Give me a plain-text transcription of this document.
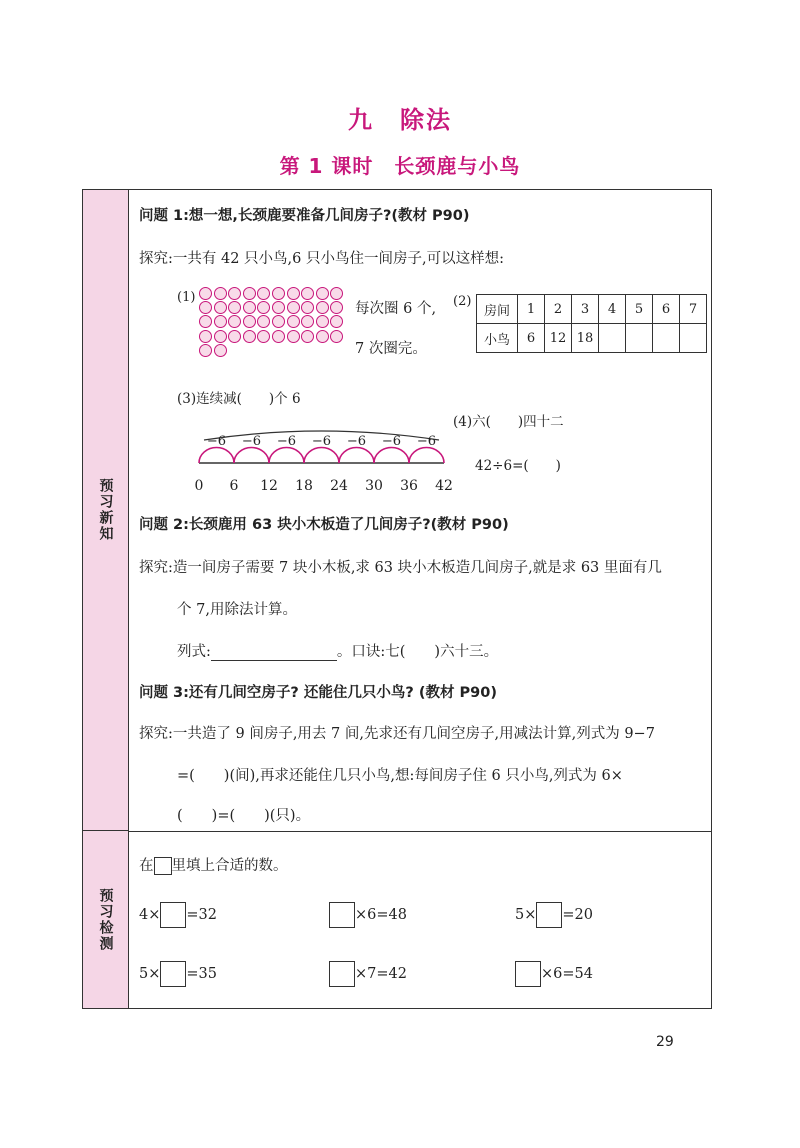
九　除法
第 1 课时　长颈鹿与小鸟
预习新知
预习检测
问题 1:想一想,长颈鹿要准备几间房子?(教材 P90)
探究:一共有 42 只小鸟,6 只小鸟住一间房子,可以这样想:
(1)
每次圈 6 个,
7 次圈完。
(2)
房间	1	2	3	4	5	6	7
小鸟	6	12	18				
(3)连续减(　　)个 6
(4)六(　　)四十二
42÷6=(　　)
0 6 12 18 24 30 36 42
−6 −6 −6 −6 −6 −6 −6
问题 2:长颈鹿用 63 块小木板造了几间房子?(教材 P90)
探究:造一间房子需要 7 块小木板,求 63 块小木板造几间房子,就是求 63 里面有几
个 7,用除法计算。
列式:	。口诀:七(　　)六十三。
问题 3:还有几间空房子? 还能住几只小鸟? (教材 P90)
探究:一共造了 9 间房子,用去 7 间,先求还有几间空房子,用减法计算,列式为 9−7
=(　　)(间),再求还能住几只小鸟,想:每间房子住 6 只小鸟,列式为 6×
(　　)=(　　)(只)。
在 里填上合适的数。
4× =32	×6=48	5× =20
5× =35	×7=42	×6=54
29
